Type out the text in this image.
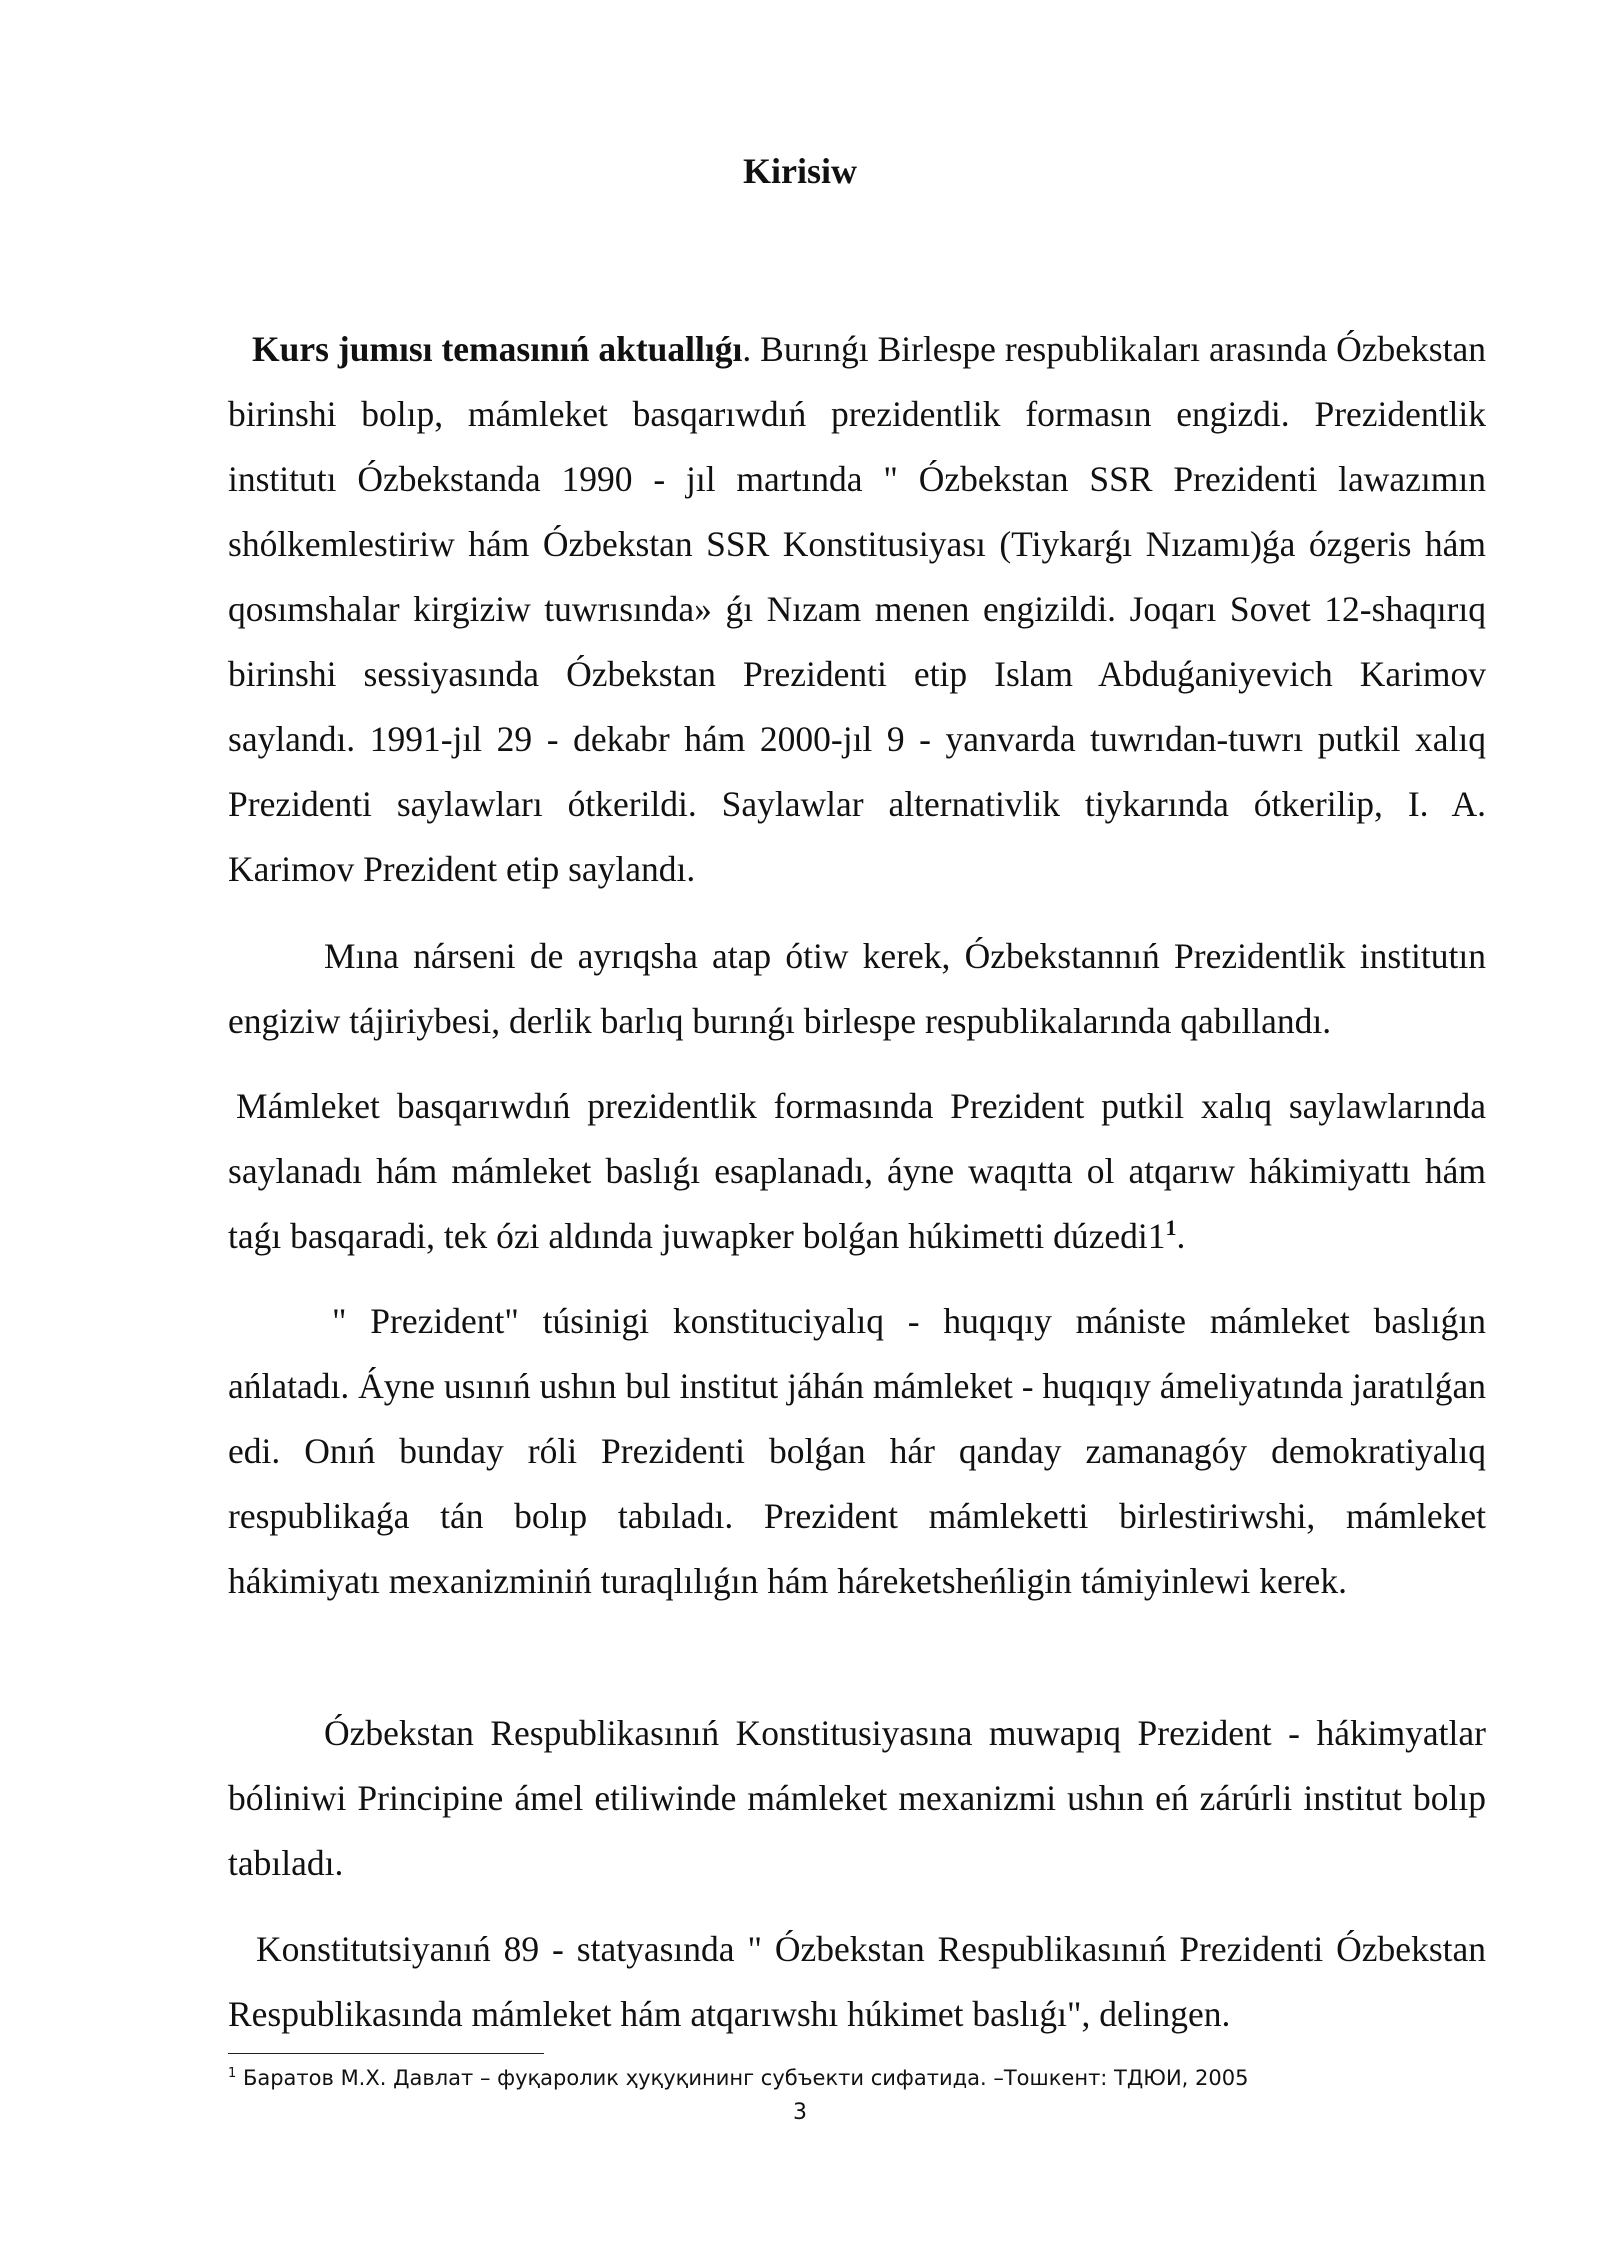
Kirisiw

Kurs jumısı temasınıń aktuallıǵı. Burınǵı Birlespe respublikaları arasında Ózbekstan birinshi bolıp, mámleket basqarıwdıń prezidentlik formasın engizdi. Prezidentlik institutı Ózbekstanda 1990 - jıl martında " Ózbekstan SSR Prezidenti lawazımın shólkemlestiriw hám Ózbekstan SSR Konstitusiyası (Tiykarǵı Nızamı)ǵa ózgeris hám qosımshalar kirgiziw tuwrısında» ǵı Nızam menen engizildi. Joqarı Sovet 12-shaqırıq birinshi sessiyasında Ózbekstan Prezidenti etip Islam Abduǵaniyevich Karimov saylandı. 1991-jıl 29 - dekabr hám 2000-jıl 9 - yanvarda tuwrıdan-tuwrı putkil xalıq Prezidenti saylawları ótkerildi. Saylawlar alternativlik tiykarında ótkerilip, I. A. Karimov Prezident etip saylandı.

Mına nárseni de ayrıqsha atap ótiw kerek, Ózbekstannıń Prezidentlik institutın engiziw tájiriybesi, derlik barlıq burınǵı birlespe respublikalarında qabıllandı.

Mámleket basqarıwdıń prezidentlik formasında Prezident putkil xalıq saylawlarında saylanadı hám mámleket baslıǵı esaplanadı, áyne waqıtta ol atqarıw hákimiyattı hám taǵı basqaradi, tek ózi aldında juwapker bolǵan húkimetti dúzedi1$^1$.

" Prezident" túsinigi konstituciyalıq - huqıqıy mániste mámleket baslıǵın ańlatadı. Áyne usınıń ushın bul institut jáhán mámleket - huqıqıy ámeliyatında jaratılǵan edi. Onıń bunday róli Prezidenti bolǵan hár qanday zamanagóy demokratiyalıq respublikaǵa tán bolıp tabıladı. Prezident mámleketti birlestiriwshi, mámleket hákimiyatı mexanizminiń turaqlılıǵın hám háreketsheńligin támiyinlewi kerek.

Ózbekstan Respublikasınıń Konstitusiyasına muwapıq Prezident - hákimyatlar bóliniwi Principine ámel etiliwinde mámleket mexanizmi ushın eń zárúrli institut bolıp tabıladı.

Konstitutsiyanıń 89 - statyasında " Ózbekstan Respublikasınıń Prezidenti Ózbekstan Respublikasında mámleket hám atqarıwshı húkimet baslıǵı", delingen.

$^1$ Баратов М.Х. Давлат – фуқаролик ҳуқуқининг субъекти сифатида. –Тошкент: ТДЮИ, 2005
3
